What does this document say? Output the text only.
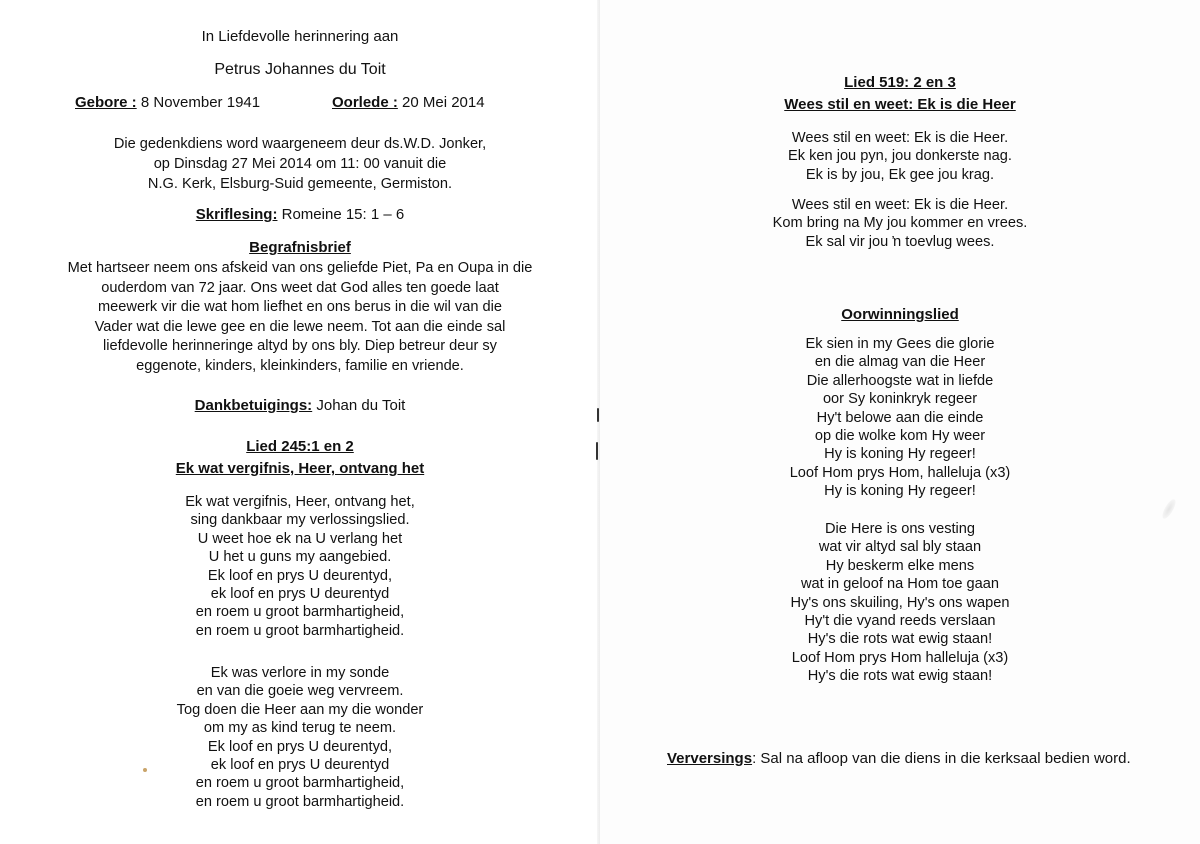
In Liefdevolle herinnering aan
Petrus Johannes du Toit
Gebore : 8 November 1941	Oorlede : 20 Mei 2014
Die gedenkdiens word waargeneem deur ds.W.D. Jonker,
op Dinsdag 27 Mei 2014 om 11: 00 vanuit die
N.G. Kerk, Elsburg-Suid gemeente, Germiston.
Skriflesing: Romeine 15: 1 – 6
Begrafnisbrief
Met hartseer neem ons afskeid van ons geliefde Piet, Pa en Oupa in die
ouderdom van 72 jaar. Ons weet dat God alles ten goede laat
meewerk vir die wat hom liefhet en ons berus in die wil van die
Vader wat die lewe gee en die lewe neem. Tot aan die einde sal
liefdevolle herinneringe altyd by ons bly. Diep betreur deur sy
eggenote, kinders, kleinkinders, familie en vriende.
Dankbetuigings: Johan du Toit
Lied 245:1 en 2
Ek wat vergifnis, Heer, ontvang het
Ek wat vergifnis, Heer, ontvang het,
sing dankbaar my verlossingslied.
U weet hoe ek na U verlang het
U het u guns my aangebied.
Ek loof en prys U deurentyd,
ek loof en prys U deurentyd
en roem u groot barmhartigheid,
en roem u groot barmhartigheid.
Ek was verlore in my sonde
en van die goeie weg vervreem.
Tog doen die Heer aan my die wonder
om my as kind terug te neem.
Ek loof en prys U deurentyd,
ek loof en prys U deurentyd
en roem u groot barmhartigheid,
en roem u groot barmhartigheid.
Lied 519: 2 en 3
Wees stil en weet: Ek is die Heer
Wees stil en weet: Ek is die Heer.
Ek ken jou pyn, jou donkerste nag.
Ek is by jou, Ek gee jou krag.
Wees stil en weet: Ek is die Heer.
Kom bring na My jou kommer en vrees.
Ek sal vir jou ŉ toevlug wees.
Oorwinningslied
Ek sien in my Gees die glorie
en die almag van die Heer
Die allerhoogste wat in liefde
oor Sy koninkryk regeer
Hy't belowe aan die einde
op die wolke kom Hy weer
Hy is koning Hy regeer!
Loof Hom prys Hom, halleluja (x3)
Hy is koning Hy regeer!
Die Here is ons vesting
wat vir altyd sal bly staan
Hy beskerm elke mens
wat in geloof na Hom toe gaan
Hy's ons skuiling, Hy's ons wapen
Hy't die vyand reeds verslaan
Hy's die rots wat ewig staan!
Loof Hom prys Hom halleluja (x3)
Hy's die rots wat ewig staan!
Verversings: Sal na afloop van die diens in die kerksaal bedien word.
